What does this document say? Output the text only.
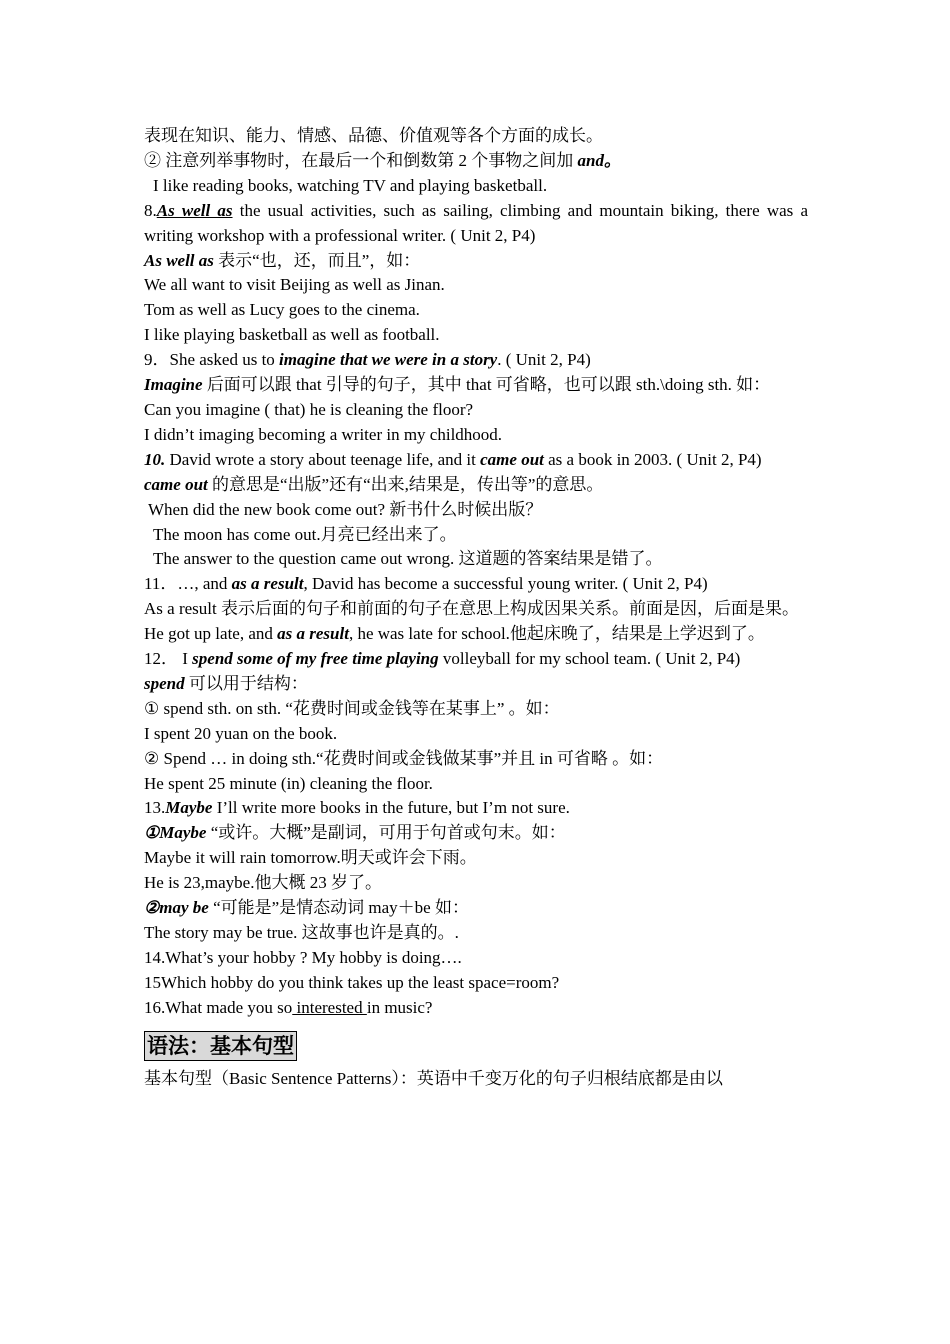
表现在知识、能力、情感、品德、价值观等各个方面的成长。
② 注意列举事物时，在最后一个和倒数第 2 个事物之间加 and。
I like reading books, watching TV and playing basketball.
8.As well as the usual activities, such as sailing, climbing and mountain biking, there was a writing workshop with a professional writer. ( Unit 2, P4)
As well as 表示“也，还，而且”，如：
We all want to visit Beijing as well as Jinan.
Tom as well as Lucy goes to the cinema.
I like playing basketball as well as football.
9．She asked us to imagine that we were in a story. ( Unit 2, P4)
Imagine 后面可以跟 that 引导的句子，其中 that 可省略，也可以跟 sth.\doing sth. 如：
Can you imagine ( that) he is cleaning the floor?
I didn’t imaging becoming a writer in my childhood.
10. David wrote a story about teenage life, and it came out as a book in 2003. ( Unit 2, P4)
came out 的意思是“出版”还有“出来,结果是，传出等”的意思。
When did the new book come out? 新书什么时候出版？
The moon has come out.月亮已经出来了。
The answer to the question came out wrong. 这道题的答案结果是错了。
11．…, and as a result, David has become a successful young writer. ( Unit 2, P4)
As a result 表示后面的句子和前面的句子在意思上构成因果关系。前面是因，后面是果。
He got up late, and as a result, he was late for school.他起床晚了，结果是上学迟到了。
12． I spend some of my free time playing volleyball for my school team. ( Unit 2, P4)
spend 可以用于结构：
① spend sth. on sth. “花费时间或金钱等在某事上” 。如：
I spent 20 yuan on the book.
② Spend … in doing sth.“花费时间或金钱做某事”并且 in 可省略 。如：
He spent 25 minute (in) cleaning the floor.
13.Maybe I’ll write more books in the future, but I’m not sure.
①Maybe “或许。大概”是副词，可用于句首或句末。如：
Maybe it will rain tomorrow.明天或许会下雨。
He is 23,maybe.他大概 23 岁了。
②may be “可能是”是情态动词 may＋be 如：
The story may be true. 这故事也许是真的。.
14.What’s your hobby ? My hobby is doing….
15Which hobby do you think takes up the least space=room?
16.What made you so interested in music?
语法：基本句型
基本句型（Basic Sentence Patterns）：英语中千变万化的句子归根结底都是由以
